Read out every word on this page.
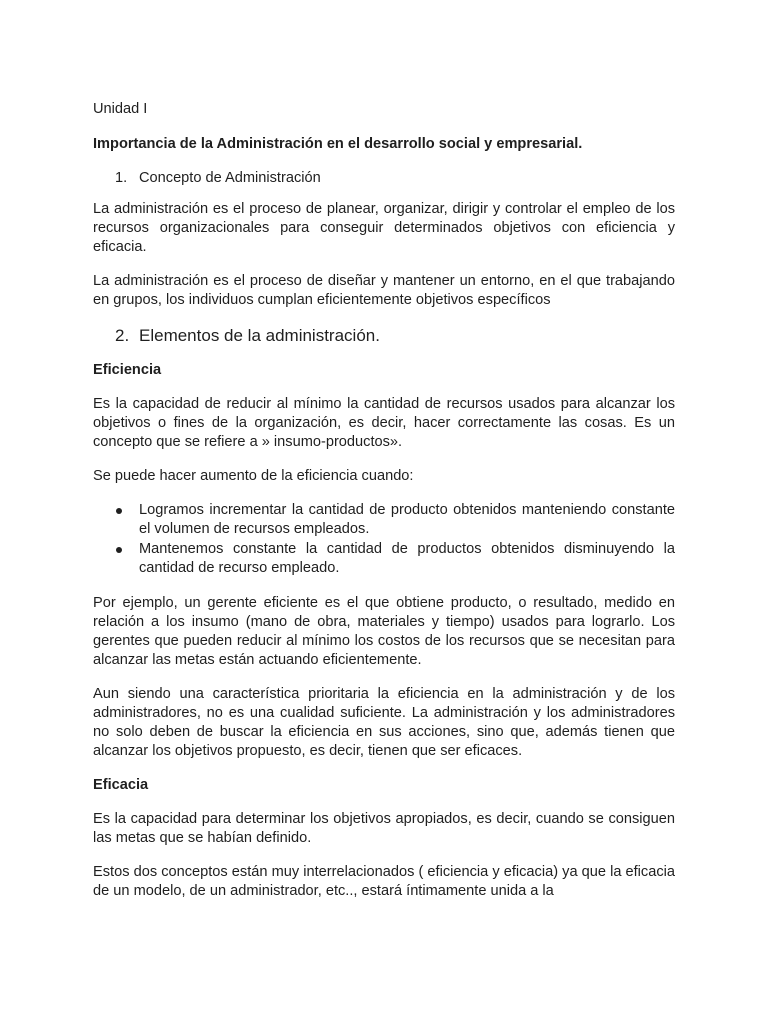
Unidad I

Importancia de la Administración en el desarrollo social y empresarial.

1. Concepto de Administración

La administración es el proceso de planear, organizar, dirigir y controlar el empleo de los recursos organizacionales para conseguir determinados objetivos con eficiencia y eficacia.

La administración es el proceso de diseñar y mantener un entorno, en el que trabajando en grupos, los individuos cumplan eficientemente objetivos específicos

2. Elementos de la administración.

Eficiencia

Es la capacidad de reducir al mínimo la cantidad de recursos usados para alcanzar los objetivos o fines de la organización, es decir, hacer correctamente las cosas. Es un concepto que se refiere a » insumo-productos».

Se puede hacer aumento de la eficiencia cuando:

Logramos incrementar la cantidad de producto obtenidos manteniendo constante el volumen de recursos empleados.
Mantenemos constante la cantidad de productos obtenidos disminuyendo la cantidad de recurso empleado.

Por ejemplo, un gerente eficiente es el que obtiene producto, o resultado, medido en relación a los insumo (mano de obra, materiales y tiempo) usados para lograrlo. Los gerentes que pueden reducir al mínimo los costos de los recursos que se necesitan para alcanzar las metas están actuando eficientemente.

Aun siendo una característica prioritaria la eficiencia en la administración y de los administradores, no es una cualidad suficiente. La administración y los administradores no solo deben de buscar la eficiencia en sus acciones, sino que, además tienen que alcanzar los objetivos propuesto, es decir, tienen que ser eficaces.

Eficacia

Es la capacidad para determinar los objetivos apropiados, es decir, cuando se consiguen las metas que se habían definido.

Estos dos conceptos están muy interrelacionados ( eficiencia y eficacia) ya que la eficacia de un modelo, de un administrador, etc.., estará íntimamente unida a la
